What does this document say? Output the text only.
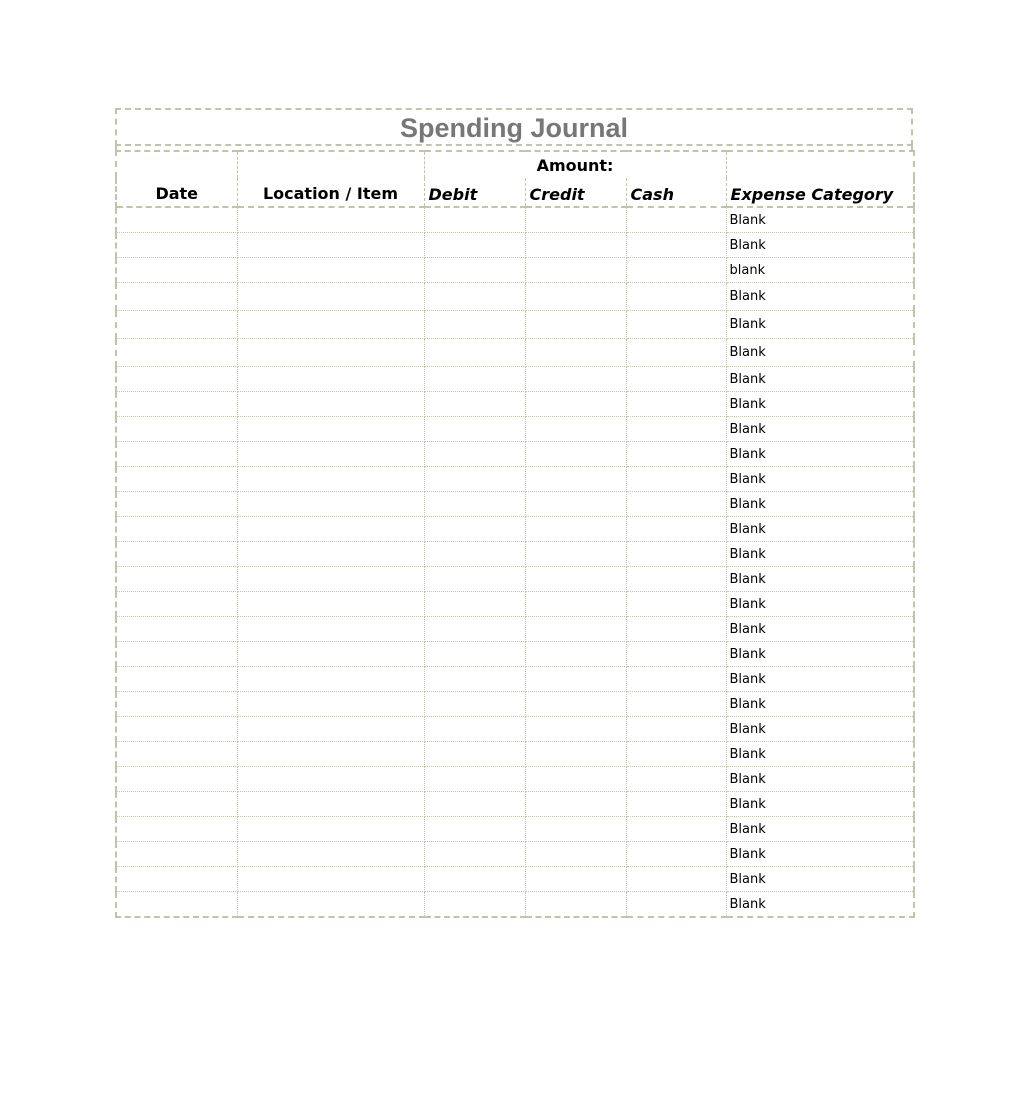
Spending Journal
Date	Location / Item	Amount:			Expense Category
		Debit	Credit	Cash	
					Blank
					Blank
					blank
					Blank
					Blank
					Blank
					Blank
					Blank
					Blank
					Blank
					Blank
					Blank
					Blank
					Blank
					Blank
					Blank
					Blank
					Blank
					Blank
					Blank
					Blank
					Blank
					Blank
					Blank
					Blank
					Blank
					Blank
					Blank
